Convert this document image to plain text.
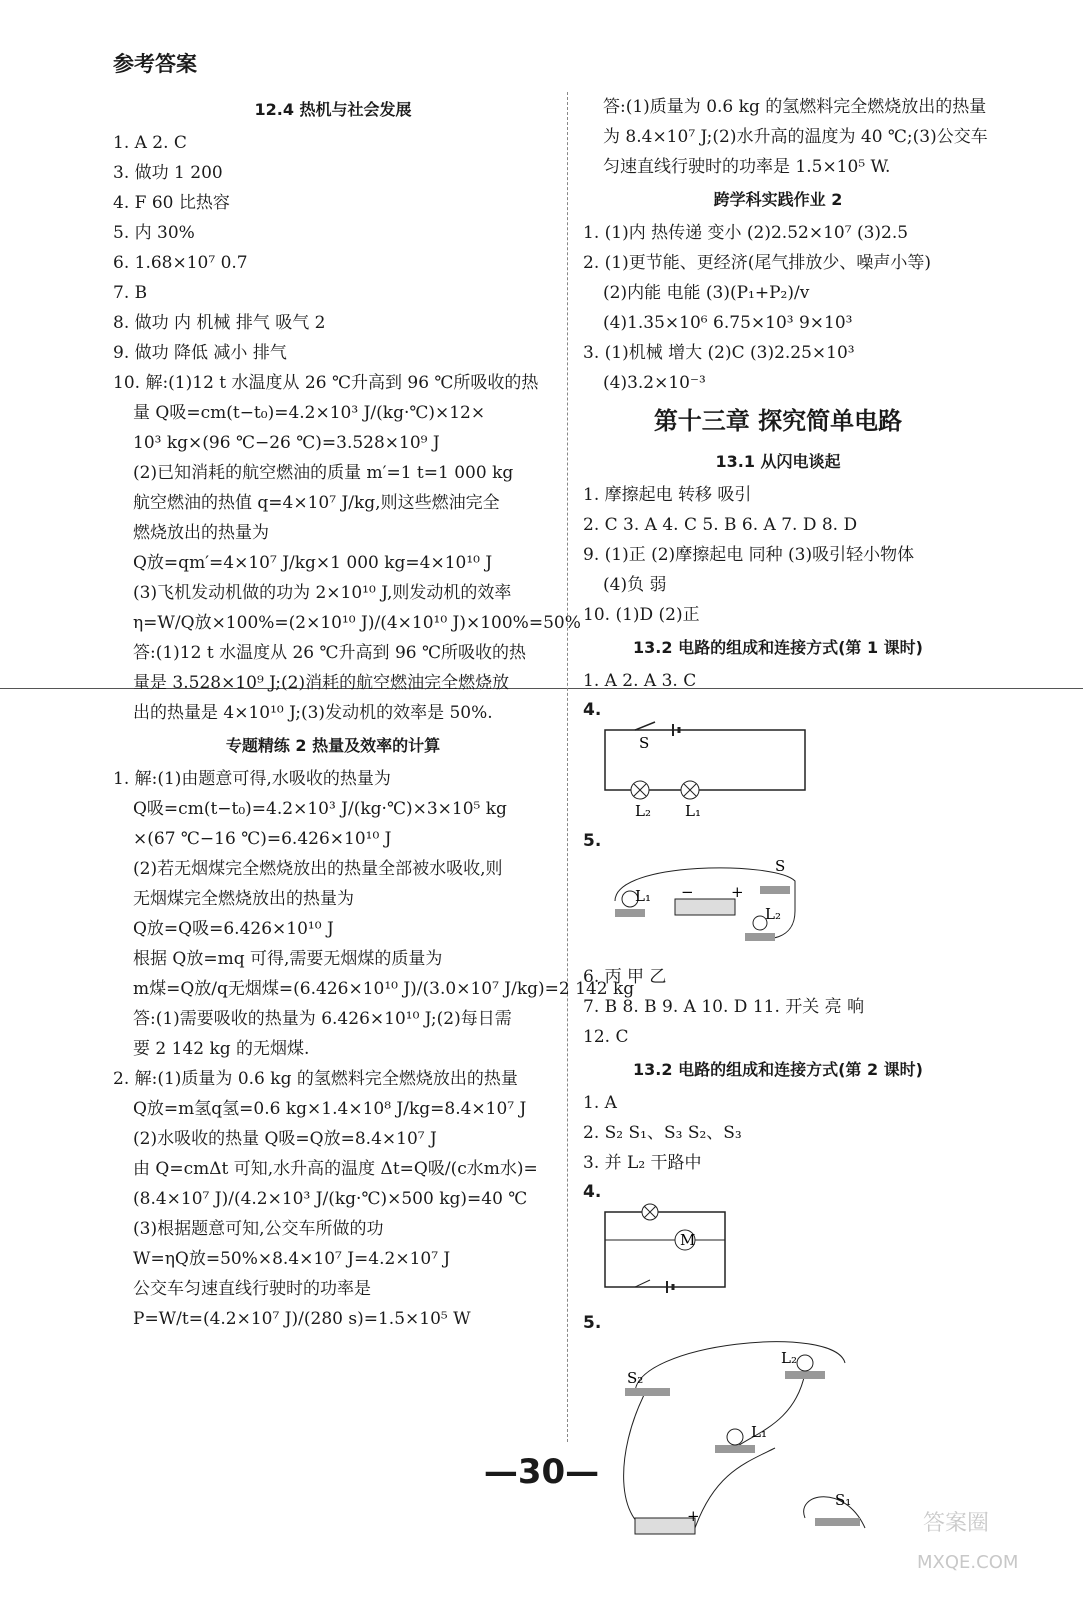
参考答案
12.4 热机与社会发展
1. A 2. C
3. 做功 1 200
4. F 60 比热容
5. 内 30%
6. 1.68×10⁷ 0.7
7. B
8. 做功 内 机械 排气 吸气 2
9. 做功 降低 减小 排气
10. 解:(1)12 t 水温度从 26 ℃升高到 96 ℃所吸收的热
量 Q吸=cm(t−t₀)=4.2×10³ J/(kg·℃)×12×
10³ kg×(96 ℃−26 ℃)=3.528×10⁹ J
(2)已知消耗的航空燃油的质量 m′=1 t=1 000 kg
航空燃油的热值 q=4×10⁷ J/kg,则这些燃油完全
燃烧放出的热量为
Q放=qm′=4×10⁷ J/kg×1 000 kg=4×10¹⁰ J
(3)飞机发动机做的功为 2×10¹⁰ J,则发动机的效率
η=W/Q放×100%=(2×10¹⁰ J)/(4×10¹⁰ J)×100%=50%
答:(1)12 t 水温度从 26 ℃升高到 96 ℃所吸收的热
量是 3.528×10⁹ J;(2)消耗的航空燃油完全燃烧放
出的热量是 4×10¹⁰ J;(3)发动机的效率是 50%.
专题精练 2 热量及效率的计算
1. 解:(1)由题意可得,水吸收的热量为
Q吸=cm(t−t₀)=4.2×10³ J/(kg·℃)×3×10⁵ kg
×(67 ℃−16 ℃)=6.426×10¹⁰ J
(2)若无烟煤完全燃烧放出的热量全部被水吸收,则
无烟煤完全燃烧放出的热量为
Q放=Q吸=6.426×10¹⁰ J
根据 Q放=mq 可得,需要无烟煤的质量为
m煤=Q放/q无烟煤=(6.426×10¹⁰ J)/(3.0×10⁷ J/kg)=2 142 kg
答:(1)需要吸收的热量为 6.426×10¹⁰ J;(2)每日需
要 2 142 kg 的无烟煤.
2. 解:(1)质量为 0.6 kg 的氢燃料完全燃烧放出的热量
Q放=m氢q氢=0.6 kg×1.4×10⁸ J/kg=8.4×10⁷ J
(2)水吸收的热量 Q吸=Q放=8.4×10⁷ J
由 Q=cmΔt 可知,水升高的温度 Δt=Q吸/(c水m水)=
(8.4×10⁷ J)/(4.2×10³ J/(kg·℃)×500 kg)=40 ℃
(3)根据题意可知,公交车所做的功
W=ηQ放=50%×8.4×10⁷ J=4.2×10⁷ J
公交车匀速直线行驶时的功率是
P=W/t=(4.2×10⁷ J)/(280 s)=1.5×10⁵ W
答:(1)质量为 0.6 kg 的氢燃料完全燃烧放出的热量
为 8.4×10⁷ J;(2)水升高的温度为 40 ℃;(3)公交车
匀速直线行驶时的功率是 1.5×10⁵ W.
跨学科实践作业 2
1. (1)内 热传递 变小 (2)2.52×10⁷ (3)2.5
2. (1)更节能、更经济(尾气排放少、噪声小等)
(2)内能 电能 (3)(P₁+P₂)/v
(4)1.35×10⁶ 6.75×10³ 9×10³
3. (1)机械 增大 (2)C (3)2.25×10³
(4)3.2×10⁻³
第十三章 探究简单电路
13.1 从闪电谈起
1. 摩擦起电 转移 吸引
2. C 3. A 4. C 5. B 6. A 7. D 8. D
9. (1)正 (2)摩擦起电 同种 (3)吸引轻小物体
(4)负 弱
10. (1)D (2)正
13.2 电路的组成和连接方式(第 1 课时)
1. A 2. A 3. C
4.
S
L₂ L₁
5.
S
L₁
L₂
− +
6. 丙 甲 乙
7. B 8. B 9. A 10. D 11. 开关 亮 响
12. C
13.2 电路的组成和连接方式(第 2 课时)
1. A
2. S₂ S₁、S₃ S₂、S₃
3. 并 L₂ 干路中
4.
M
5.
S₂
L₂
L₁
S₁
+
—30—
答案圈
MXQE.COM
